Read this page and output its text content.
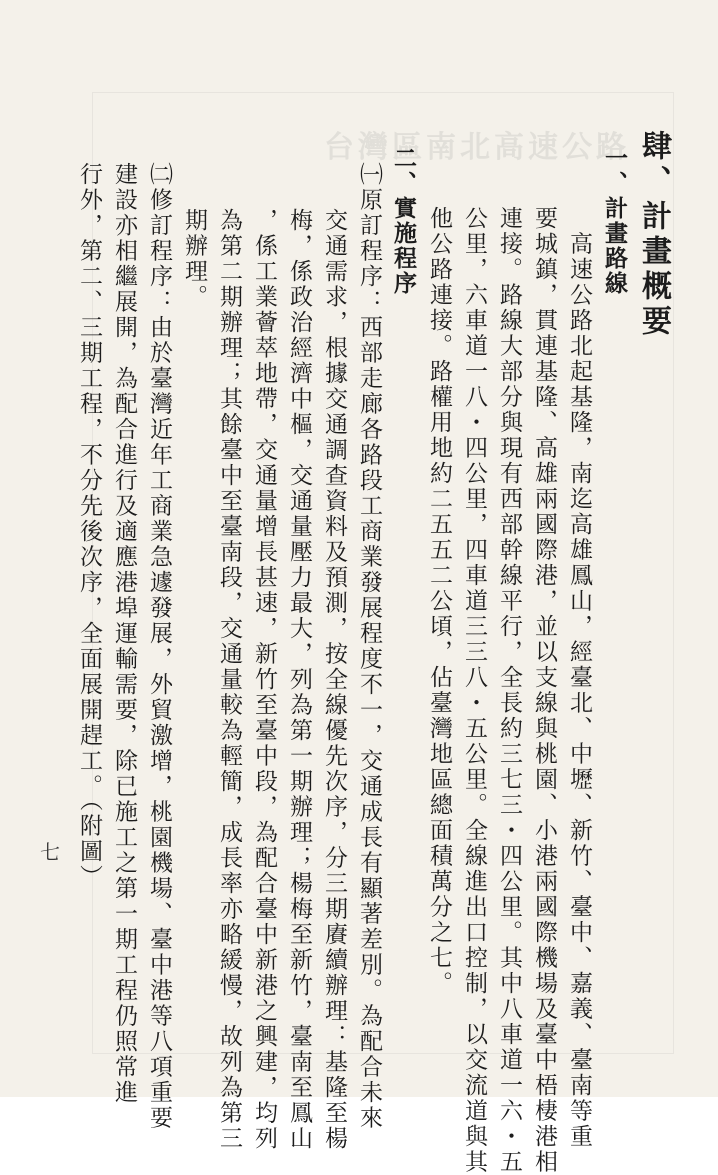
台灣區南北高速公路 肆、計畫概要
一、計畫路線
　高速公路北起基隆，南迄高雄鳳山，經臺北、中壢、新竹、臺中、嘉義、臺南等重
要城鎮，貫連基隆、高雄兩國際港，並以支線與桃園、小港兩國際機場及臺中梧棲港相
連接。路線大部分與現有西部幹線平行，全長約三七三・四公里。其中八車道一六・五
公里，六車道一八・四公里，四車道三三八・五公里。全線進出口控制，以交流道與其
他公路連接。路權用地約二五五二公頃，佔臺灣地區總面積萬分之七。
二、實施程序
㈠原訂程序：西部走廊各路段工商業發展程度不一，交通成長有顯著差別。為配合未來
交通需求，根據交通調查資料及預測，按全線優先次序，分三期賡續辦理：基隆至楊
梅，係政治經濟中樞，交通量壓力最大，列為第一期辦理；楊梅至新竹，臺南至鳳山
，係工業薈萃地帶，交通量增長甚速，新竹至臺中段，為配合臺中新港之興建，均列
為第二期辦理；其餘臺中至臺南段，交通量較為輕簡，成長率亦略緩慢，故列為第三
期辦理。
㈡修訂程序：由於臺灣近年工商業急遽發展，外貿激增，桃園機場、臺中港等八項重要
建設亦相繼展開，為配合進行及適應港埠運輸需要，除已施工之第一期工程仍照常進
行外，第二、三期工程，不分先後次序，全面展開趕工。（附圖）
七
